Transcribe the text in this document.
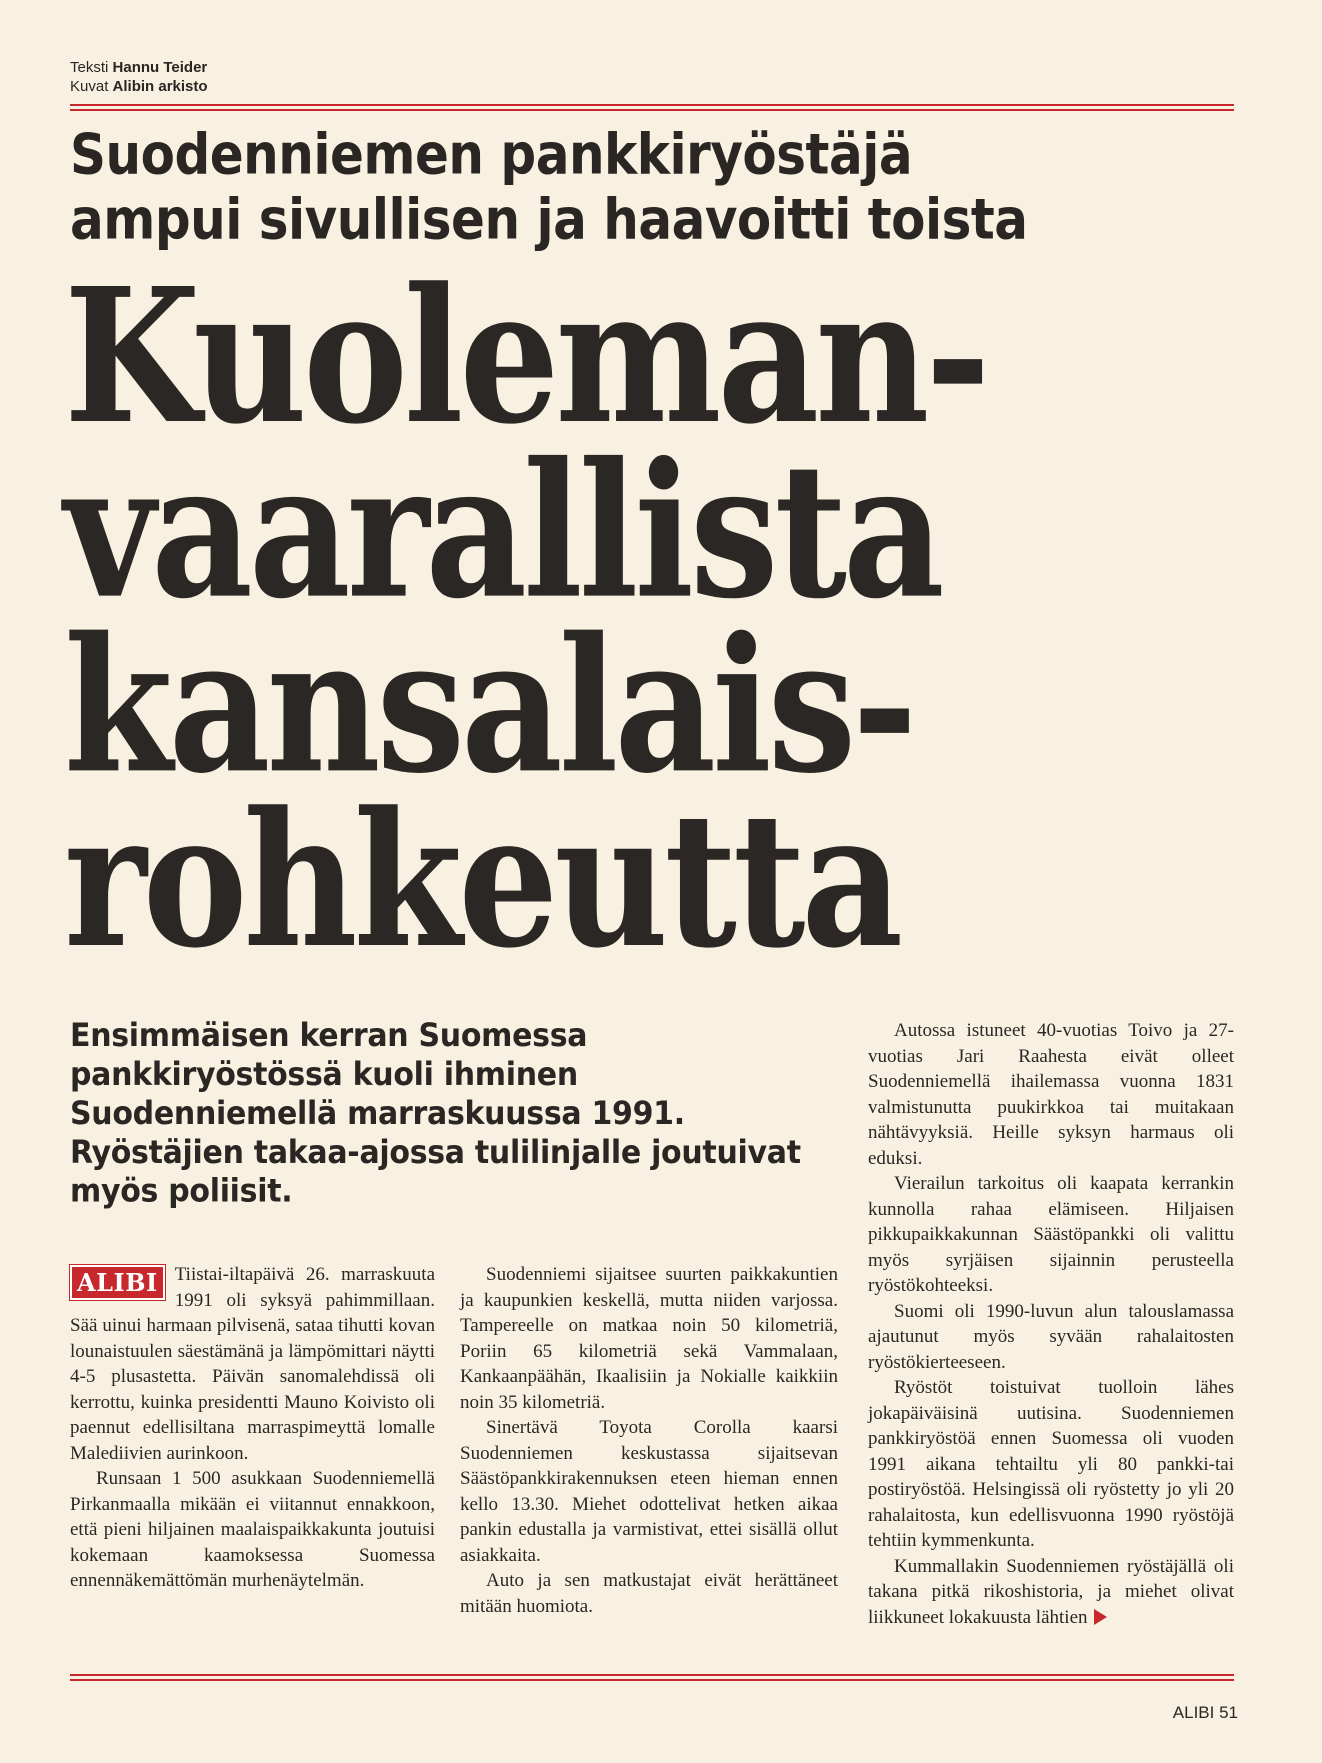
Teksti Hannu Teider
Kuvat Alibin arkisto
Suodenniemen pankkiryöstäjä
ampui sivullisen ja haavoitti toista
Kuoleman-
vaarallista
kansalais-
rohkeutta
Ensimmäisen kerran Suomessa pankkiryöstössä kuoli ihminen Suodenniemellä marraskuussa 1991. Ryöstäjien takaa-ajossa tulilinjalle joutuivat myös poliisit.
ALIBI Tiistai-iltapäivä 26. marraskuuta 1991 oli syksyä pahimmillaan. Sää uinui harmaan pilvisenä, sataa tihutti kovan lounaistuulen säestämänä ja lämpömittari näytti 4-5 plusastetta. Päivän sanomalehdissä oli kerrottu, kuinka presidentti Mauno Koivisto oli paennut edellisiltana marraspimeyttä lomalle Malediivien aurinkoon.

Runsaan 1 500 asukkaan Suodenniemellä Pirkanmaalla mikään ei viitannut ennakkoon, että pieni hiljainen maalaispaikkakunta joutuisi kokemaan kaamoksessa Suomessa ennennäkemättömän murhenäytelmän.

Suodenniemi sijaitsee suurten paikkakuntien ja kaupunkien keskellä, mutta niiden varjossa. Tampereelle on matkaa noin 50 kilometriä, Poriin 65 kilometriä sekä Vammalaan, Kankaanpäähän, Ikaalisiin ja Nokialle kaikkiin noin 35 kilometriä.

Sinertävä Toyota Corolla kaarsi Suodenniemen keskustassa sijaitsevan Säästöpankkirakennuksen eteen hieman ennen kello 13.30. Miehet odottelivat hetken aikaa pankin edustalla ja varmistivat, ettei sisällä ollut asiakkaita.

Auto ja sen matkustajat eivät herättäneet mitään huomiota.

Autossa istuneet 40-vuotias Toivo ja 27-vuotias Jari Raahesta eivät olleet Suodenniemellä ihailemassa vuonna 1831 valmistunutta puukirkkoa tai muitakaan nähtävyyksiä. Heille syksyn harmaus oli eduksi.

Vierailun tarkoitus oli kaapata kerrankin kunnolla rahaa elämiseen. Hiljaisen pikkupaikkakunnan Säästöpankki oli valittu myös syrjäisen sijainnin perusteella ryöstökohteeksi.

Suomi oli 1990-luvun alun talouslamassa ajautunut myös syvään rahalaitosten ryöstökierteeseen.

Ryöstöt toistuivat tuolloin lähes jokapäiväisinä uutisina. Suodenniemen pankkiryöstöä ennen Suomessa oli vuoden 1991 aikana tehtailtu yli 80 pankki-tai postiryöstöä. Helsingissä oli ryöstetty jo yli 20 rahalaitosta, kun edellisvuonna 1990 ryöstöjä tehtiin kymmenkunta.

Kummallakin Suodenniemen ryöstäjällä oli takana pitkä rikoshistoria, ja miehet olivat liikkuneet lokakuusta lähtien

ALIBI 51
